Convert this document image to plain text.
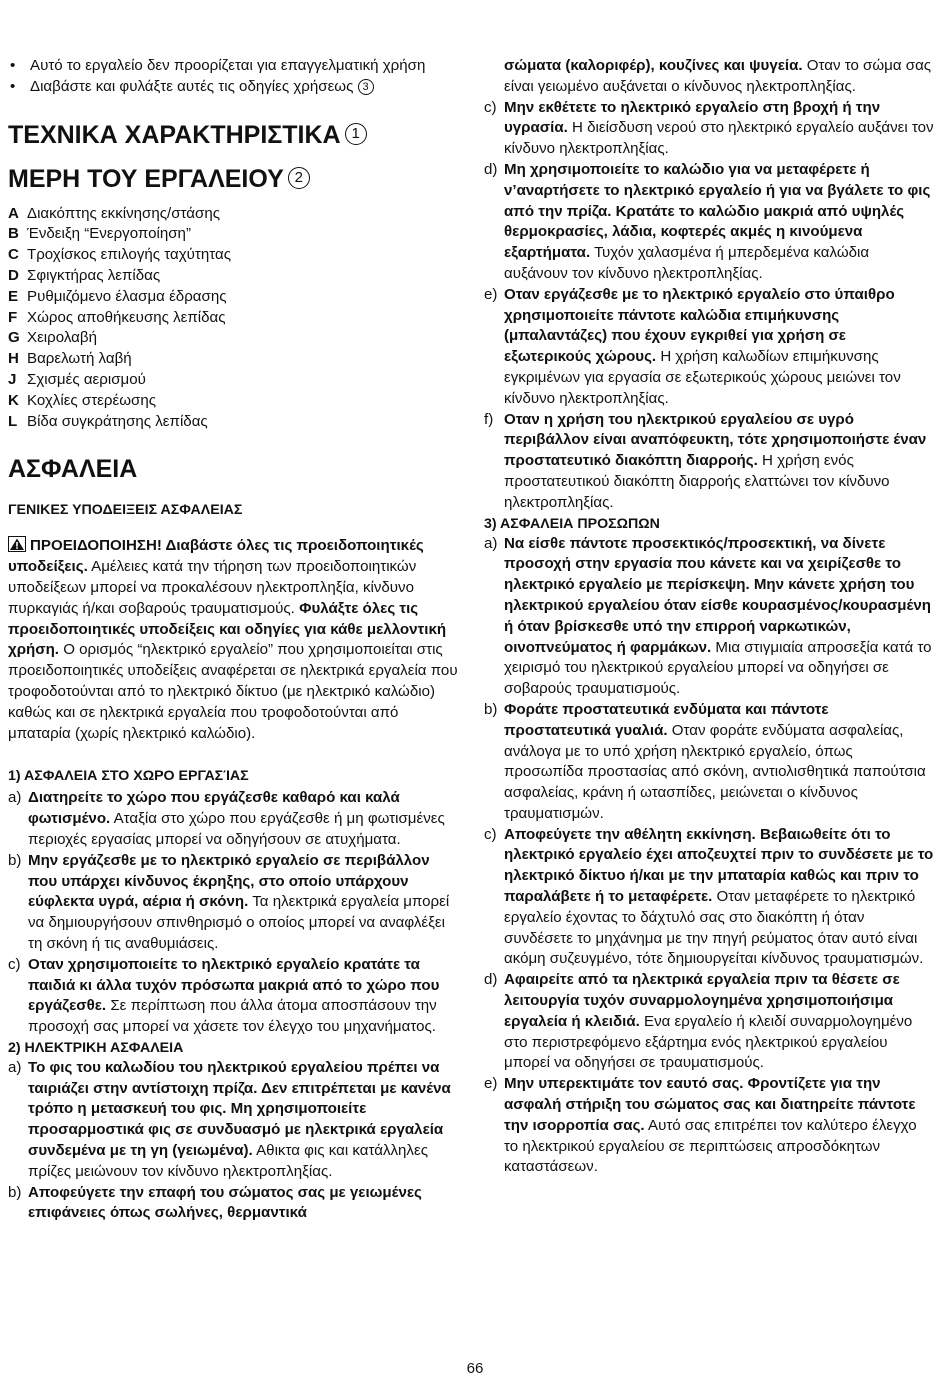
• Αυτό το εργαλείο δεν προορίζεται για επαγγελματική χρήση

• Διαβάστε και φυλάξτε αυτές τις οδηγίες χρήσεως 3

ΤΕΧΝΙΚΑ ΧΑΡΑΚΤΗΡΙΣΤΙΚΑ 1
ΜΕΡΗ ΤΟΥ ΕΡΓΑΛΕΙΟΥ 2
A Διακόπτης εκκίνησης/στάσης
B Ένδειξη “Ενεργοποίηση”
C Τροχίσκος επιλογής ταχύτητας
D Σφιγκτήρας λεπίδας
E Ρυθμιζόμενο έλασμα έδρασης
F Χώρος αποθήκευσης λεπίδας
G Χειρολαβή
H Βαρελωτή λαβή
J Σχισμές αερισμού
K Κοχλίες στερέωσης
L Βίδα συγκράτησης λεπίδας
ΑΣΦΑΛΕΙΑ

ΓΕΝΙΚΕΣ ΥΠΟΔΕΙΞΕΙΣ ΑΣΦΑΛΕΙΑΣ

ΠΡΟΕΙΔΟΠΟΙΗΣΗ! Διαβάστε όλες τις προειδοποιητικές υποδείξεις. Αμέλειες κατά την τήρηση των προειδοποιητικών υποδείξεων μπορεί να προκαλέσουν ηλεκτροπληξία, κίνδυνο πυρκαγιάς ή/και σοβαρούς τραυματισμούς. Φυλάξτε όλες τις προειδοποιητικές υποδείξεις και οδηγίες για κάθε μελλοντική χρήση. Ο ορισμός “ηλεκτρικό εργαλείο” που χρησιμοποιείται στις προειδοποιητικές υποδείξεις αναφέρεται σε ηλεκτρικά εργαλεία που τροφοδοτούνται από το ηλεκτρικό δίκτυο (με ηλεκτρικό καλώδιο) καθώς και σε ηλεκτρικά εργαλεία που τροφοδοτούνται από μπαταρία (χωρίς ηλεκτρικό καλώδιο).

1) ΑΣΦΑΛΕΙΑ ΣΤΟ ΧΩΡΟ ΕΡΓΑΣΊΑΣ

a) Διατηρείτε το χώρο που εργάζεσθε καθαρό και καλά φωτισμένο. Αταξία στο χώρο που εργάζεσθε ή μη φωτισμένες περιοχές εργασίας μπορεί να οδηγήσουν σε ατυχήματα.
b) Μην εργάζεσθε με το ηλεκτρικό εργαλείο σε περιβάλλον που υπάρχει κίνδυνος έκρηξης, στο οποίο υπάρχουν εύφλεκτα υγρά, αέρια ή σκόνη. Τα ηλεκτρικά εργαλεία μπορεί να δημιουργήσουν σπινθηρισμό ο οποίος μπορεί να αναφλέξει τη σκόνη ή τις αναθυμιάσεις.
c) Οταν χρησιμοποιείτε το ηλεκτρικό εργαλείο κρατάτε τα παιδιά κι άλλα τυχόν πρόσωπα μακριά από το χώρο που εργάζεσθε. Σε περίπτωση που άλλα άτομα αποσπάσουν την προσοχή σας μπορεί να χάσετε τον έλεγχο του μηχανήματος.

2) ΗΛΕΚΤΡΙΚΗ ΑΣΦΑΛΕΙΑ

a) Το φις του καλωδίου του ηλεκτρικού εργαλείου πρέπει να ταιριάζει στην αντίστοιχη πρίζα. Δεν επιτρέπεται με κανένα τρόπο η μετασκευή του φις. Μη χρησιμοποιείτε προσαρμοστικά φις σε συνδυασμό με ηλεκτρικά εργαλεία συνδεμένα με τη γη (γειωμένα). Αθικτα φις και κατάλληλες πρίζες μειώνουν τον κίνδυνο ηλεκτροπληξίας.
b) Αποφεύγετε την επαφή του σώματος σας με γειωμένες επιφάνειες όπως σωλήνες, θερμαντικά
σώματα (καλοριφέρ), κουζίνες και ψυγεία. Οταν το σώμα σας είναι γειωμένο αυξάνεται ο κίνδυνος ηλεκτροπληξίας.
c) Μην εκθέτετε το ηλεκτρικό εργαλείο στη βροχή ή την υγρασία. Η διείσδυση νερού στο ηλεκτρικό εργαλείο αυξάνει τον κίνδυνο ηλεκτροπληξίας.
d) Μη χρησιμοποιείτε το καλώδιο για να μεταφέρετε ή ν’αναρτήσετε το ηλεκτρικό εργαλείο ή για να βγάλετε το φις από την πρίζα. Κρατάτε το καλώδιο μακριά από υψηλές θερμοκρασίες, λάδια, κοφτερές ακμές η κινούμενα εξαρτήματα. Τυχόν χαλασμένα ή μπερδεμένα καλώδια αυξάνουν τον κίνδυνο ηλεκτροπληξίας.
e) Οταν εργάζεσθε με το ηλεκτρικό εργαλείο στο ύπαιθρο χρησιμοποιείτε πάντοτε καλώδια επιμήκυνσης (μπαλαντάζες) που έχουν εγκριθεί για χρήση σε εξωτερικούς χώρους. Η χρήση καλωδίων επιμήκυνσης εγκριμένων για εργασία σε εξωτερικούς χώρους μειώνει τον κίνδυνο ηλεκτροπληξίας.
f) Οταν η χρήση του ηλεκτρικού εργαλείου σε υγρό περιβάλλον είναι αναπόφευκτη, τότε χρησιμοποιήστε έναν προστατευτικό διακόπτη διαρροής. Η χρήση ενός προστατευτικού διακόπτη διαρροής ελαττώνει τον κίνδυνο ηλεκτροπληξίας.

3) ΑΣΦΑΛΕΙΑ ΠΡΟΣΩΠΩΝ

a) Να είσθε πάντοτε προσεκτικός/προσεκτική, να δίνετε προσοχή στην εργασία που κάνετε και να χειρίζεσθε το ηλεκτρικό εργαλείο με περίσκεψη. Μην κάνετε χρήση του ηλεκτρικού εργαλείου όταν είσθε κουρασμένος/κουρασμένη ή όταν βρίσκεσθε υπό την επιρροή ναρκωτικών, οινοπνεύματος ή φαρμάκων. Μια στιγμιαία απροσεξία κατά το χειρισμό του ηλεκτρικού εργαλείου μπορεί να οδηγήσει σε σοβαρούς τραυματισμούς.
b) Φοράτε προστατευτικά ενδύματα και πάντοτε προστατευτικά γυαλιά. Οταν φοράτε ενδύματα ασφαλείας, ανάλογα με το υπό χρήση ηλεκτρικό εργαλείο, όπως προσωπίδα προστασίας από σκόνη, αντιολισθητικά παπούτσια ασφαλείας, κράνη ή ωτασπίδες, μειώνεται ο κίνδυνος τραυματισμών.
c) Αποφεύγετε την αθέλητη εκκίνηση. Βεβαιωθείτε ότι το ηλεκτρικό εργαλείο έχει αποζευχτεί πριν το συνδέσετε με το ηλεκτρικό δίκτυο ή/και με την μπαταρία καθώς και πριν το παραλάβετε ή το μεταφέρετε. Οταν μεταφέρετε το ηλεκτρικό εργαλείο έχοντας το δάχτυλό σας στο διακόπτη ή όταν συνδέσετε το μηχάνημα με την πηγή ρεύματος όταν αυτό είναι ακόμη συζευγμένο, τότε δημιουργείται κίνδυνος τραυματισμών.
d) Αφαιρείτε από τα ηλεκτρικά εργαλεία πριν τα θέσετε σε λειτουργία τυχόν συναρμολογημένα χρησιμοποιήσιμα εργαλεία ή κλειδιά. Ενα εργαλείο ή κλειδί συναρμολογημένο στο περιστρεφόμενο εξάρτημα ενός ηλεκτρικού εργαλείου μπορεί να οδηγήσει σε τραυματισμούς.
e) Μην υπερεκτιμάτε τον εαυτό σας. Φροντίζετε για την ασφαλή στήριξη του σώματος σας και διατηρείτε πάντοτε την ισορροπία σας. Αυτό σας επιτρέπει τον καλύτερο έλεγχο το ηλεκτρικού εργαλείου σε περιπτώσεις απροσδόκητων καταστάσεων.
66
